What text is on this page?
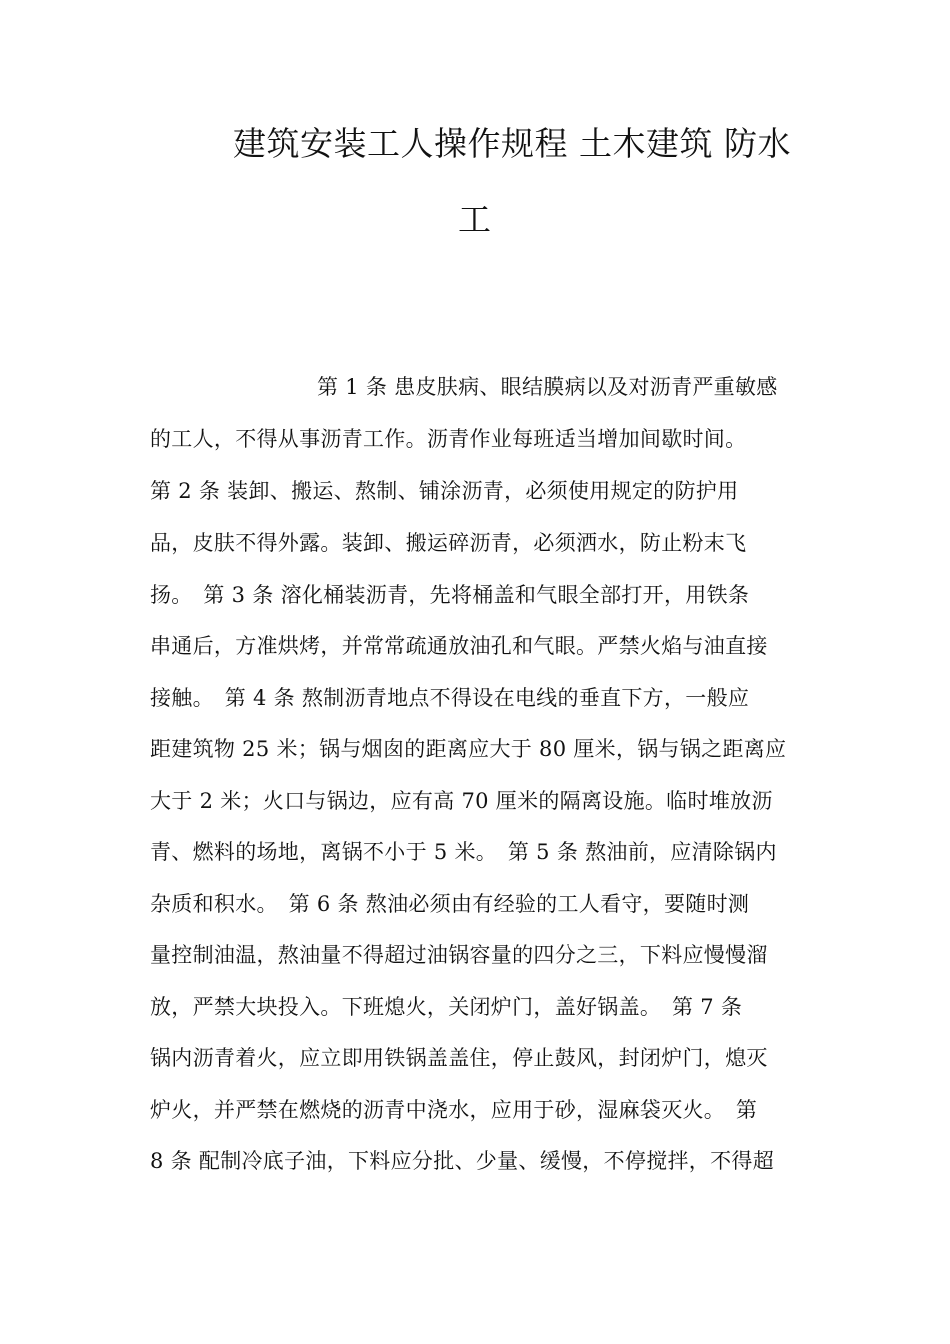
建筑安装工人操作规程 土木建筑 防水
工
第 1 条 患皮肤病、眼结膜病以及对沥青严重敏感
的工人，不得从事沥青工作。沥青作业每班适当增加间歇时间。
第 2 条 装卸、搬运、熬制、铺涂沥青，必须使用规定的防护用
品，皮肤不得外露。装卸、搬运碎沥青，必须洒水，防止粉末飞
扬。　第 3 条 溶化桶装沥青，先将桶盖和气眼全部打开，用铁条
串通后，方准烘烤，并常常疏通放油孔和气眼。严禁火焰与油直接
接触。　第 4 条 熬制沥青地点不得设在电线的垂直下方，一般应
距建筑物 25 米；锅与烟囱的距离应大于 80 厘米，锅与锅之距离应
大于 2 米；火口与锅边，应有高 70 厘米的隔离设施。临时堆放沥
青、燃料的场地，离锅不小于 5 米。　第 5 条 熬油前，应清除锅内
杂质和积水。　第 6 条 熬油必须由有经验的工人看守，要随时测
量控制油温，熬油量不得超过油锅容量的四分之三，下料应慢慢溜
放，严禁大块投入。下班熄火，关闭炉门，盖好锅盖。　第 7 条
锅内沥青着火，应立即用铁锅盖盖住，停止鼓风，封闭炉门，熄灭
炉火，并严禁在燃烧的沥青中浇水，应用于砂，湿麻袋灭火。　第
8 条 配制冷底子油，下料应分批、少量、缓慢，不停搅拌，不得超
